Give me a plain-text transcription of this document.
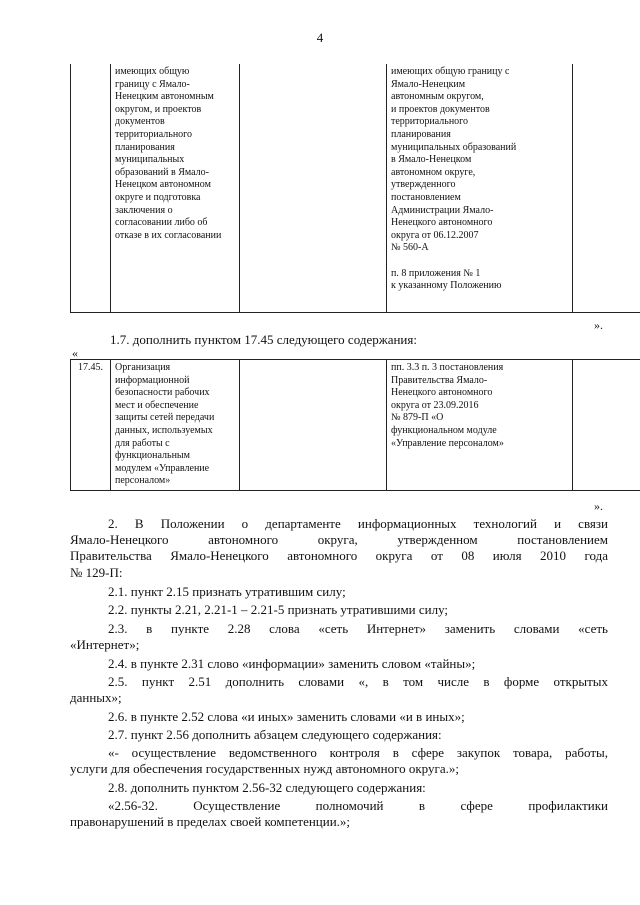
4
	имеющих общую
границу с Ямало-
Ненецким автономным
округом, и проектов
документов
территориального
планирования
муниципальных
образований в Ямало-
Ненецком автономном
округе и подготовка
заключения о
согласовании либо об
отказе в их согласовании		имеющих общую границу с
Ямало-Ненецким
автономным округом,
и проектов документов
территориального
планирования
муниципальных образований
в Ямало-Ненецком
автономном округе,
утвержденного
постановлением
Администрации Ямало-
Ненецкого автономного
округа от 06.12.2007
№ 560-А

п. 8 приложения № 1
к указанному Положению	
».

1.7. дополнить пунктом 17.45 следующего содержания:

«
17.45.	Организация
информационной
безопасности рабочих
мест и обеспечение
защиты сетей передачи
данных, используемых
для работы с
функциональным
модулем «Управление
персоналом»		пп. 3.3 п. 3 постановления
Правительства Ямало-
Ненецкого автономного
округа от 23.09.2016
№ 879-П «О
функциональном модуле
«Управление персоналом»	
».

2. В Положении о департаменте информационных технологий и связи

Ямало-Ненецкого автономного округа, утвержденном постановлением

Правительства Ямало-Ненецкого автономного округа от 08 июля 2010 года

№ 129-П:

2.1. пункт 2.15 признать утратившим силу;

2.2. пункты 2.21, 2.21-1 – 2.21-5 признать утратившими силу;

2.3. в пункте 2.28 слова «сеть Интернет» заменить словами «сеть

«Интернет»;

2.4. в пункте 2.31 слово «информации» заменить словом «тайны»;

2.5. пункт 2.51 дополнить словами «, в том числе в форме открытых

данных»;

2.6. в пункте 2.52 слова «и иных» заменить словами «и в иных»;

2.7. пункт 2.56 дополнить абзацем следующего содержания:

«- осуществление ведомственного контроля в сфере закупок товара, работы,

услуги для обеспечения государственных нужд автономного округа.»;

2.8. дополнить пунктом 2.56-32 следующего содержания:

«2.56-32. Осуществление полномочий в сфере профилактики

правонарушений в пределах своей компетенции.»;
